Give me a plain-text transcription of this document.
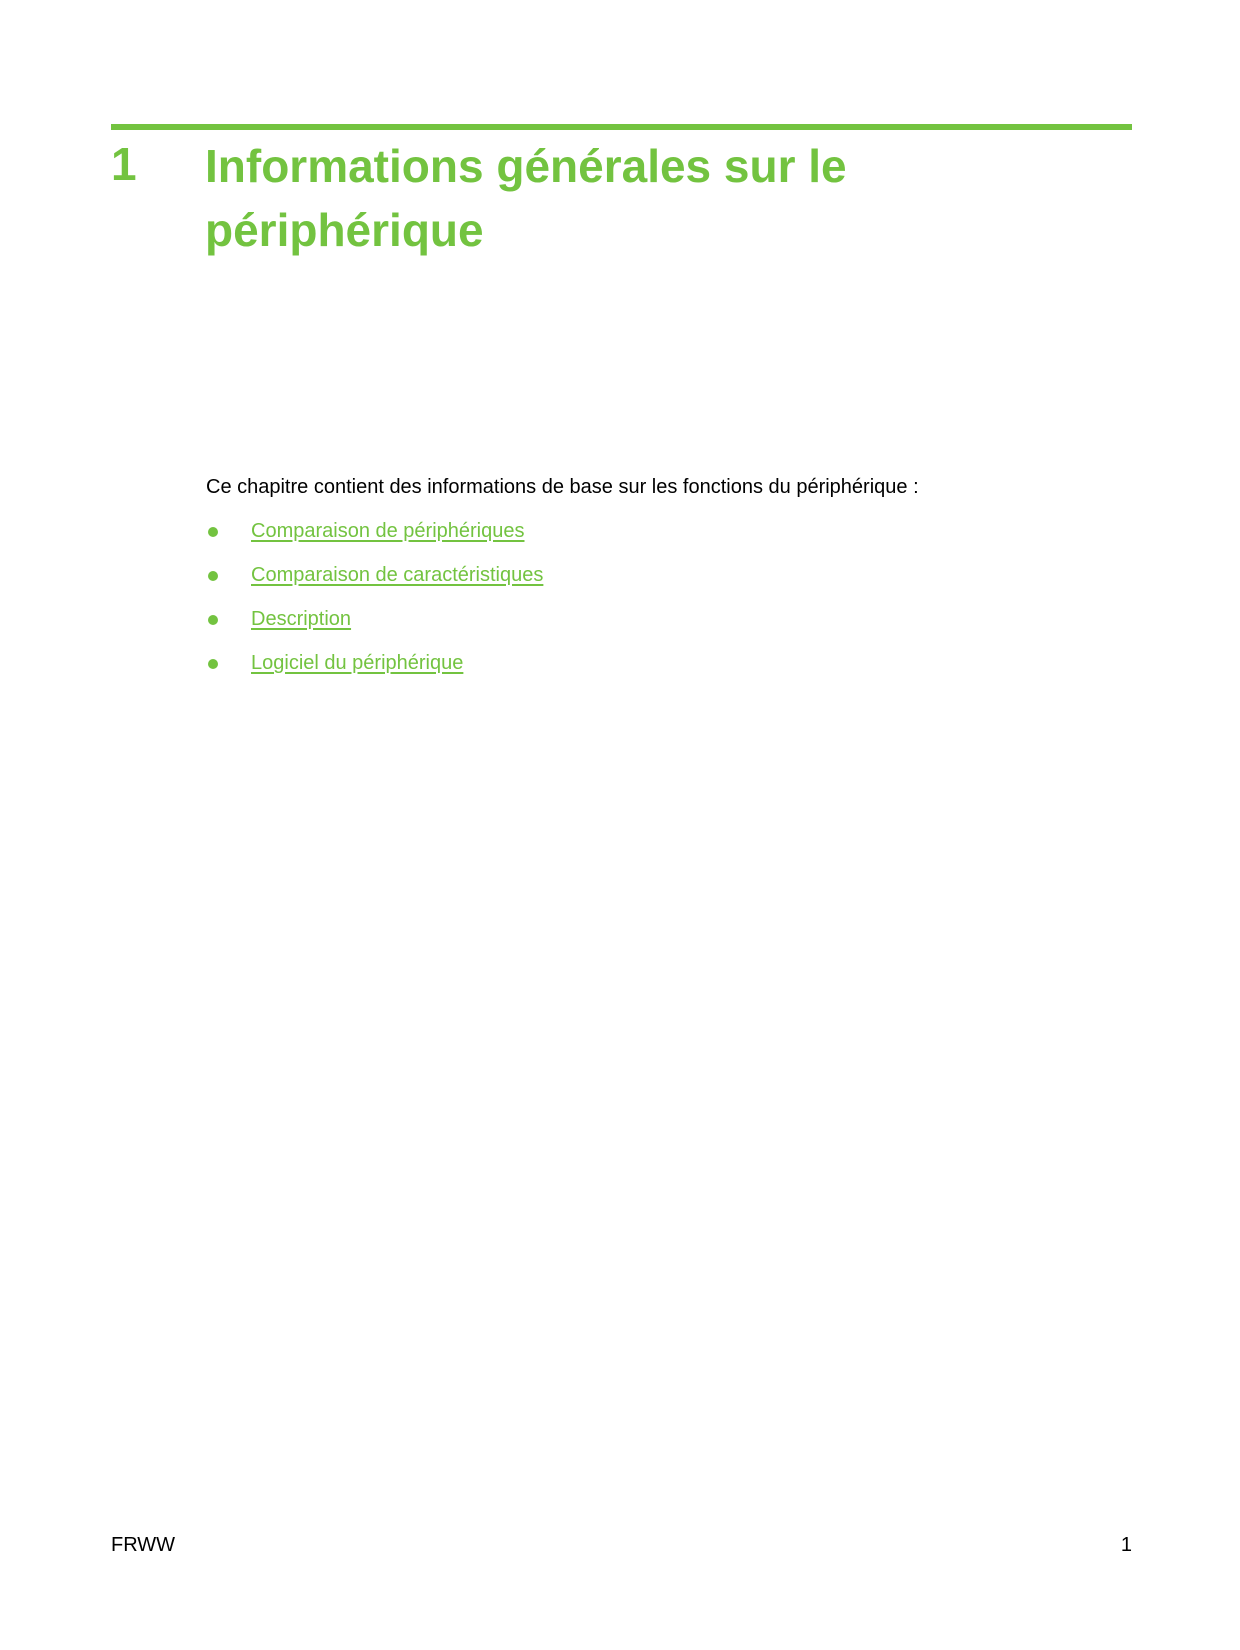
1 Informations générales sur le périphérique

Ce chapitre contient des informations de base sur les fonctions du périphérique :

Comparaison de périphériques
Comparaison de caractéristiques
Description
Logiciel du périphérique
FRWW	1
